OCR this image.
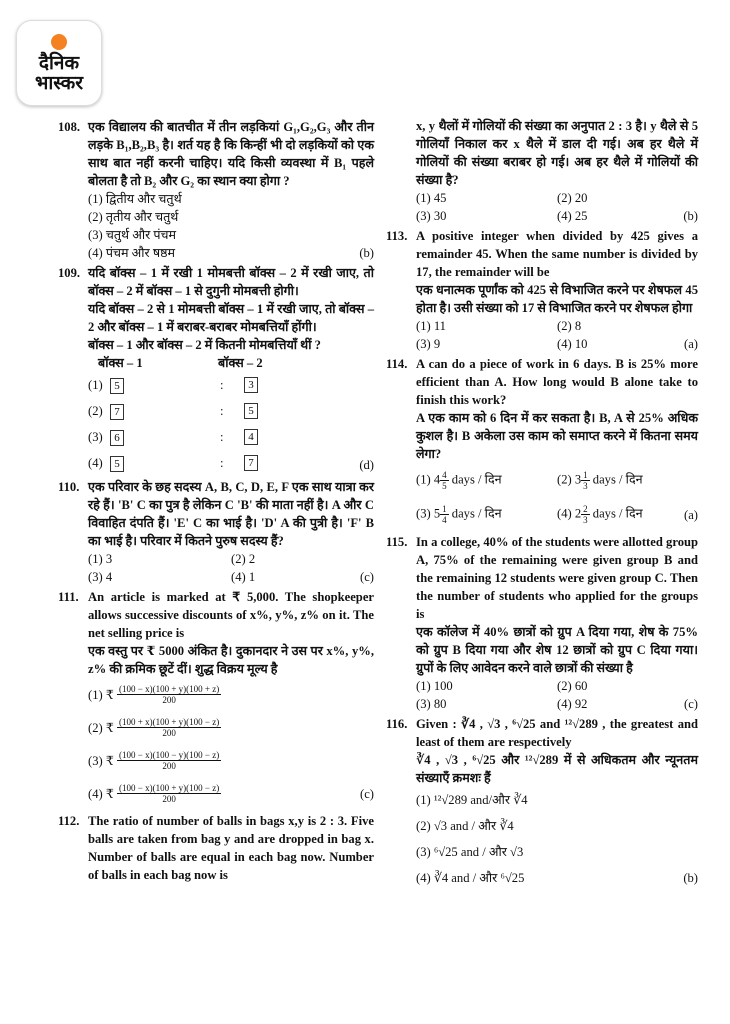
दैनिक
भास्कर
108. एक विद्यालय की बातचीत में तीन लड़कियां G₁,G₂,G₃ और तीन लड़के B₁,B₂,B₃ है। शर्त यह है कि किन्हीं भी दो लड़कियों को एक साथ बात नहीं करनी चाहिए। यदि किसी व्यवस्था में B₁ पहले बोलता है तो B₂ और G₂ का स्थान क्या होगा ?
(1) द्वितीय और चतुर्थ
(2) तृतीय और चतुर्थ
(3) चतुर्थ और पंचम
(4) पंचम और षष्ठम	(b)
109. यदि बॉक्स – 1 में रखी 1 मोमबत्ती बॉक्स – 2 में रखी जाए, तो बॉक्स – 2 में बॉक्स – 1 से दुगुनी मोमबत्ती होगी।
यदि बॉक्स – 2 से 1 मोमबत्ती बॉक्स – 1 में रखी जाए, तो बॉक्स – 2 और बॉक्स – 1 में बराबर-बराबर मोमबत्तियाँ होंगी।
बॉक्स – 1 और बॉक्स – 2 में कितनी मोमबत्तियाँ थीं ?
बॉक्स – 1	बॉक्स – 2
(1)	5	:	3
(2)	7	:	5
(3)	6	:	4
(4)	5	:	7	(d)
110. एक परिवार के छह सदस्य A, B, C, D, E, F एक साथ यात्रा कर रहे हैं। 'B' C का पुत्र है लेकिन C 'B' की माता नहीं है। A और C विवाहित दंपति हैं। 'E' C का भाई है। 'D' A की पुत्री है। 'F' B का भाई है। परिवार में कितने पुरुष सदस्य हैं?
(1) 3	(2) 2
(3) 4	(4) 1	(c)
111. An article is marked at ₹ 5,000. The shopkeeper allows successive discounts of x%, y%, z% on it. The net selling price is
एक वस्तु पर ₹ 5000 अंकित है। दुकानदार ने उस पर x%, y%, z% की क्रमिक छूटें दीं। शुद्ध विक्रय मूल्य है
(1) ₹
$\frac{(100 - x)(100 + y)(100 + z)}{200}$
(2) ₹
$\frac{(100 + x)(100 + y)(100 - z)}{200}$
(3) ₹
$\frac{(100 - x)(100 - y)(100 - z)}{200}$
(4) ₹
$\frac{(100 - x)(100 + y)(100 - z)}{200}$	(c)
112. The ratio of number of balls in bags x,y is 2 : 3. Five balls are taken from bag y and are dropped in bag x. Number of balls are equal in each bag now. Number of balls in each bag now is
x, y थैलों में गोलियों की संख्या का अनुपात 2 : 3 है। y थैले से 5 गोलियाँ निकाल कर x थैले में डाल दी गई। अब हर थैले में गोलियों की संख्या बराबर हो गई। अब हर थैले में गोलियों की संख्या है?
(1) 45	(2) 20
(3) 30	(4) 25	(b)
113. A positive integer when divided by 425 gives a remainder 45. When the same number is divided by 17, the remainder will be
एक धनात्मक पूर्णांक को 425 से विभाजित करने पर शेषफल 45 होता है। उसी संख्या को 17 से विभाजित करने पर शेषफल होगा
(1) 11	(2) 8
(3) 9	(4) 10	(a)
114. A can do a piece of work in 6 days. B is 25% more efficient than A. How long would B alone take to finish this work?
A एक काम को 6 दिन में कर सकता है। B, A से 25% अधिक कुशल है। B अकेला उस काम को समाप्त करने में कितना समय लेगा?
(1) $4 \frac{4}{5}$ days / दिन	(2) $3 \frac{1}{3}$ days / दिन
(3) $5 \frac{1}{4}$ days / दिन	(4) $2 \frac{2}{3}$ days / दिन	(a)
115. In a college, 40% of the students were allotted group A, 75% of the remaining were given group B and the remaining 12 students were given group C. Then the number of students who applied for the groups is
एक कॉलेज में 40% छात्रों को ग्रुप A दिया गया, शेष के 75% को ग्रुप B दिया गया और शेष 12 छात्रों को ग्रुप C दिया गया। ग्रुपों के लिए आवेदन करने वाले छात्रों की संख्या है
(1) 100	(2) 60
(3) 80	(4) 92	(c)
116. Given : ∛4 , √3 , ⁶√25 and ¹²√289 , the greatest and least of them are respectively
∛4 , √3 , ⁶√25 और ¹²√289 में से अधिकतम और न्यूनतम संख्याएँ क्रमशः हैं
(1) ¹²√289 and/और ∛4
(2) √3 and / और ∛4
(3) ⁶√25 and / और √3
(4) ∛4 and / और ⁶√25	(b)
